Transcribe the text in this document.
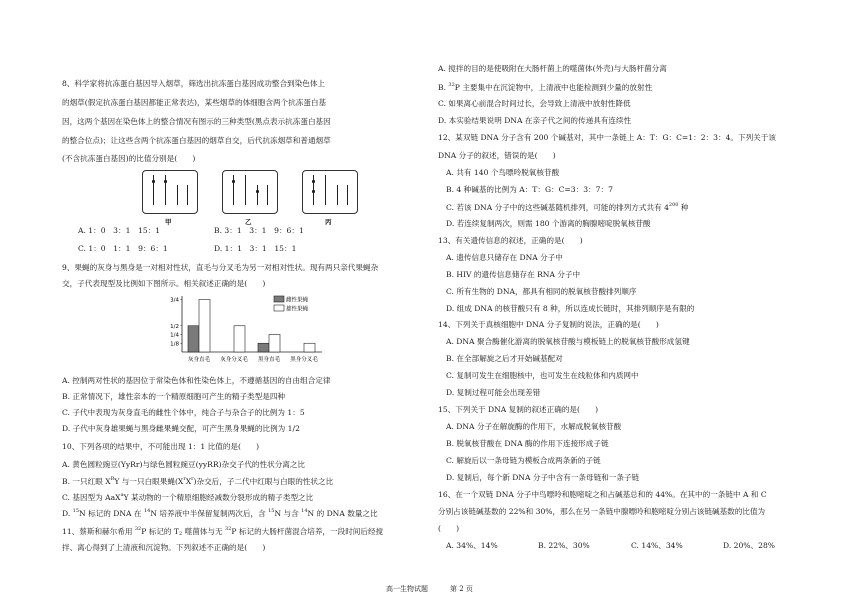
8、科学家将抗冻蛋白基因导入烟草，筛选出抗冻蛋白基因成功整合到染色体上
的烟草(假定抗冻蛋白基因都能正常表达)，某些烟草的体细胞含两个抗冻蛋白基
因，这两个基因在染色体上的整合情况有图示的三种类型(黑点表示抗冻蛋白基因
的整合位点)；让这些含两个抗冻蛋白基因的烟草自交，后代抗冻烟草和普通烟草
(不含抗冻蛋白基因)的比值分别是(　　)
甲	乙	丙
A. 1：0　3：1　15：1	B. 3：1　3：1　9：6：1
C. 1：0　1：1　9：6：1	D. 1：1　3：1　15：1
9、果蝇的灰身与黑身是一对相对性状，直毛与分叉毛为另一对相对性状。现有两只亲代果蝇杂
交，子代表现型及比例如下图所示。相关叙述正确的是(　　)
3/4
1/2
1/4
1/8
灰身直毛 灰身分叉毛 黑身直毛 黑身分叉毛
雌性果蝇
雄性果蝇
A. 控制两对性状的基因位于常染色体和性染色体上，不遵循基因的自由组合定律
B. 正常情况下，雄性亲本的一个精原细胞可产生的精子类型是四种
C. 子代中表现为灰身直毛的雌性个体中，纯合子与杂合子的比例为 1：5
D. 子代中灰身雄果蝇与黑身雌果蝇交配，可产生黑身果蝇的比例为 1/2
10、下列各项的结果中，不可能出现 1：1 比值的是(　　)
A. 黄色圆粒豌豆(YyRr)与绿色圆粒豌豆(yyRR)杂交子代的性状分离之比
B. 一只红眼 $X^RY$ 与一只白眼果蝇$(X^rX^r)$杂交后，子二代中红眼与白眼的性状之比
C. 基因型为 AaX$^a$Y 某动物的一个精原细胞经减数分裂形成的精子类型之比
D. $^{15}$N 标记的 DNA 在 $^{14}$N 培养液中半保留复制两次后，含 $^{15}$N 与含 $^{14}$N 的 DNA 数量之比
11、蔡斯和赫尔希用 $^{32}$P 标记的 $T_2$ 噬菌体与无 $^{32}$P 标记的大肠杆菌混合培养，一段时间后经搅
拌、离心得到了上清液和沉淀物。下列叙述不正确的是(　　)
A. 搅拌的目的是使吸附在大肠杆菌上的噬菌体(外壳)与大肠杆菌分离
B. $^{32}$P 主要集中在沉淀物中，上清液中也能检测到少量的放射性
C. 如果离心前混合时间过长，会导致上清液中放射性降低
D. 本实验结果说明 DNA 在亲子代之间的传递具有连续性
12、某双链 DNA 分子含有 200 个碱基对，其中一条链上 A：T：G：C=1：2：3：4。下列关于该
DNA 分子的叙述，错误的是(　　)
A. 共有 140 个鸟嘌呤脱氧核苷酸
B. 4 种碱基的比例为 A：T：G：C=3：3：7：7
C. 若该 DNA 分子中的这些碱基随机排列，可能的排列方式共有 $4^{200}$ 种
D. 若连续复制两次，则需 180 个游离的胸腺嘧啶脱氧核苷酸
13、有关遗传信息的叙述，正确的是(　　)
A. 遗传信息只储存在 DNA 分子中
B. HIV 的遗传信息储存在 RNA 分子中
C. 所有生物的 DNA，都具有相同的脱氧核苷酸排列顺序
D. 组成 DNA 的核苷酸只有 8 种，所以连成长链时，其排列顺序是有限的
14、下列关于真核细胞中 DNA 分子复制的说法，正确的是(　　)
A. DNA 聚合酶催化游离的脱氧核苷酸与模板链上的脱氧核苷酸形成氢键
B. 在全部解旋之后才开始碱基配对
C. 复制可发生在细胞核中，也可发生在线粒体和内质网中
D. 复制过程可能会出现差错
15、下列关于 DNA 复制的叙述正确的是(　　)
A. DNA 分子在解旋酶的作用下，水解成脱氧核苷酸
B. 脱氧核苷酸在 DNA 酶的作用下连接形成子链
C. 解旋后以一条母链为模板合成两条新的子链
D. 复制后，每个新 DNA 分子中含有一条母链和一条子链
16、在一个双链 DNA 分子中鸟嘌呤和胞嘧啶之和占碱基总和的 44%。在其中的一条链中 A 和 C
分别占该链碱基数的 22%和 30%，那么在另一条链中腺嘌呤和胞嘧啶分别占该链碱基数的比值为
(　　)
A. 34%、14%	B. 22%、30%	C. 14%、34%	D. 20%、28%
高一生物试题	第 2 页
